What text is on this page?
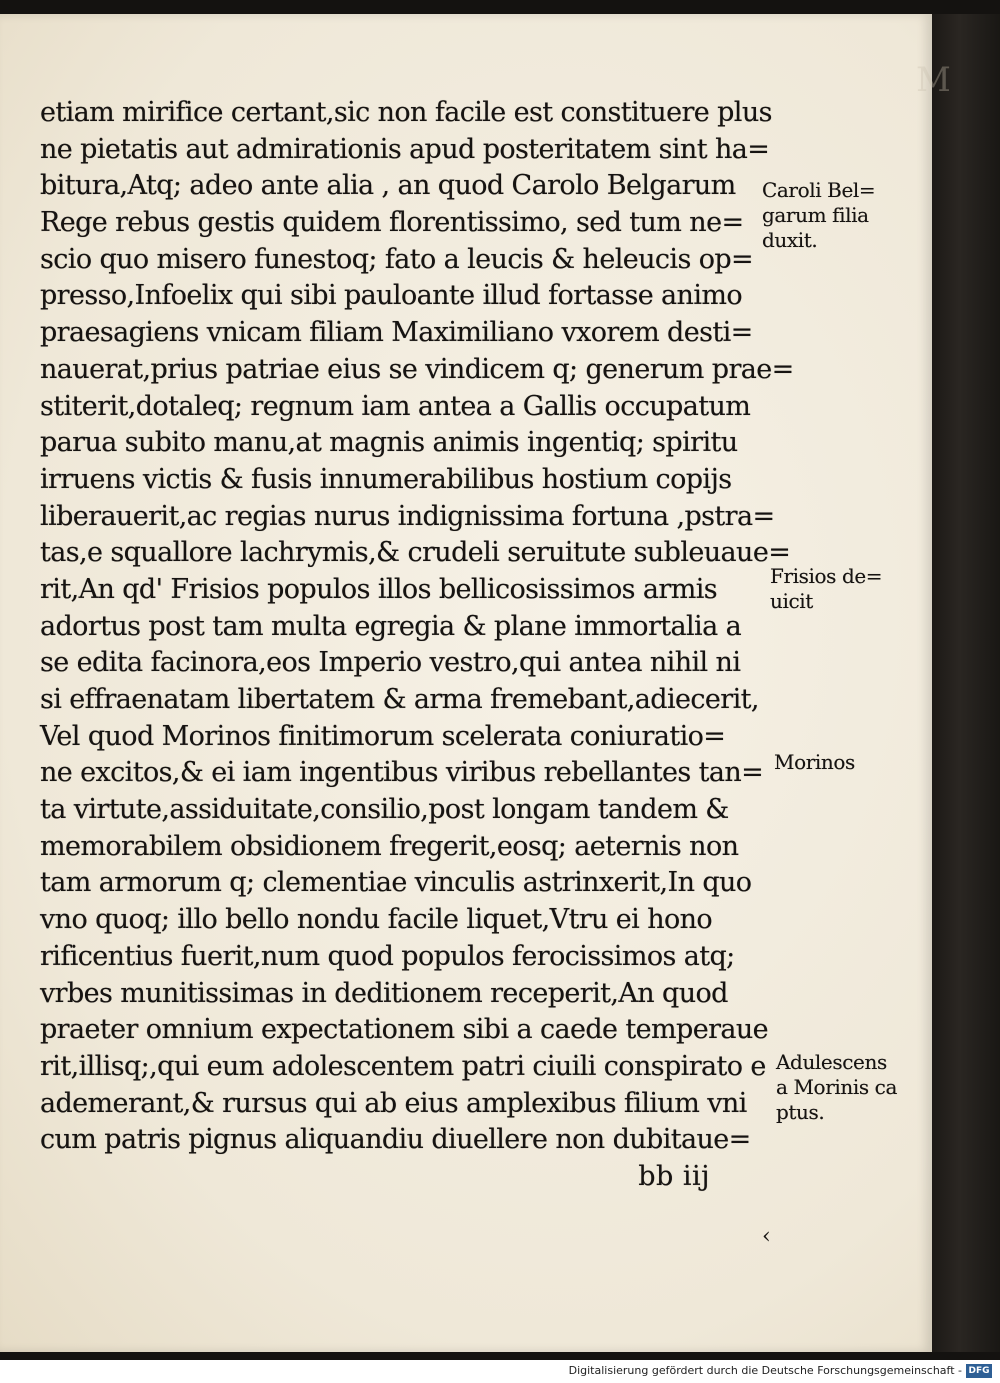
M
etiam mirifice certant,sic non facile est constituere plus
ne pietatis aut admirationis apud posteritatem sint ha=
bitura,Atq; adeo ante alia , an quod Carolo Belgarum
Rege rebus gestis quidem florentissimo, sed tum ne=
scio quo misero funestoq; fato a leucis & heleucis op=
presso,Infoelix qui sibi pauloante illud fortasse animo
praesagiens vnicam filiam Maximiliano vxorem desti=
nauerat,prius patriae eius se vindicem q; generum prae=
stiterit,dotaleq; regnum iam antea a Gallis occupatum
parua subito manu,at magnis animis ingentiq; spiritu
irruens victis & fusis innumerabilibus hostium copijs
liberauerit,ac regias nurus indignissima fortuna ,pstra=
tas,e squallore lachrymis,& crudeli seruitute subleuaue=
rit,An qd' Frisios populos illos bellicosissimos armis
adortus post tam multa egregia & plane immortalia a
se edita facinora,eos Imperio vestro,qui antea nihil ni
si effraenatam libertatem & arma fremebant,adiecerit,
Vel quod Morinos finitimorum scelerata coniuratio=
ne excitos,& ei iam ingentibus viribus rebellantes tan=
ta virtute,assiduitate,consilio,post longam tandem &
memorabilem obsidionem fregerit,eosq; aeternis non
tam armorum q; clementiae vinculis astrinxerit,In quo
vno quoq; illo bello nondu facile liquet,Vtru ei hono
rificentius fuerit,num quod populos ferocissimos atq;
vrbes munitissimas in deditionem receperit,An quod
praeter omnium expectationem sibi a caede temperaue
rit,illisq;,qui eum adolescentem patri ciuili conspirato e
ademerant,& rursus qui ab eius amplexibus filium vni
cum patris pignus aliquandiu diuellere non dubitaue=
bb iij
Caroli Bel=
garum filia
duxit.
Frisios de=
uicit
Morinos
Adulescens
a Morinis ca
ptus.
‹
Digitalisierung gefördert durch die Deutsche Forschungsgemeinschaft - DFG
